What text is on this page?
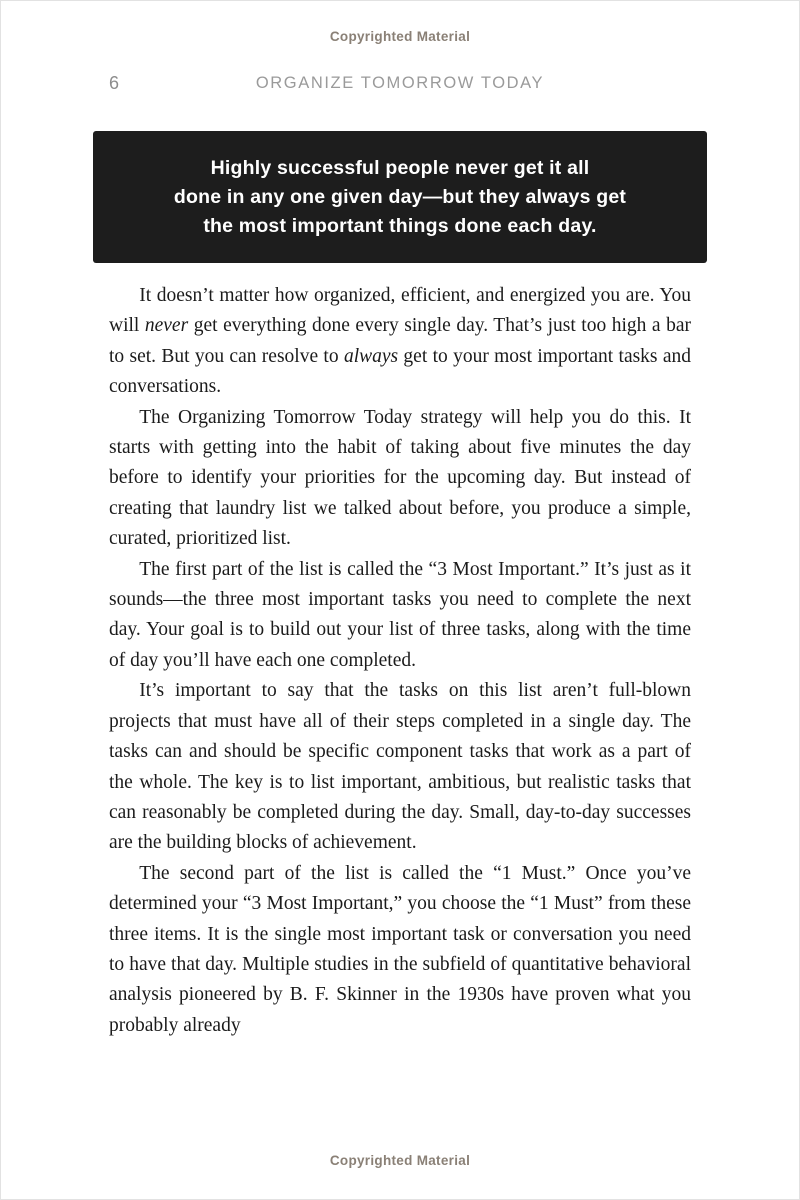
Copyrighted Material
6	ORGANIZE TOMORROW TODAY
Highly successful people never get it all
done in any one given day—but they always get
the most important things done each day.

It doesn’t matter how organized, efficient, and energized you are. You will never get everything done every single day. That’s just too high a bar to set. But you can resolve to always get to your most important tasks and conversations.

The Organizing Tomorrow Today strategy will help you do this. It starts with getting into the habit of taking about five minutes the day before to identify your priorities for the upcoming day. But instead of creating that laundry list we talked about before, you produce a simple, curated, prioritized list.

The first part of the list is called the “3 Most Important.” It’s just as it sounds—the three most important tasks you need to complete the next day. Your goal is to build out your list of three tasks, along with the time of day you’ll have each one completed.

It’s important to say that the tasks on this list aren’t full-blown projects that must have all of their steps completed in a single day. The tasks can and should be specific component tasks that work as a part of the whole. The key is to list important, ambitious, but realistic tasks that can reasonably be completed during the day. Small, day-to-day successes are the building blocks of achievement.

The second part of the list is called the “1 Must.” Once you’ve determined your “3 Most Important,” you choose the “1 Must” from these three items. It is the single most important task or conversation you need to have that day. Multiple studies in the subfield of quantitative behavioral analysis pioneered by B. F. Skinner in the 1930s have proven what you probably already

Copyrighted Material
